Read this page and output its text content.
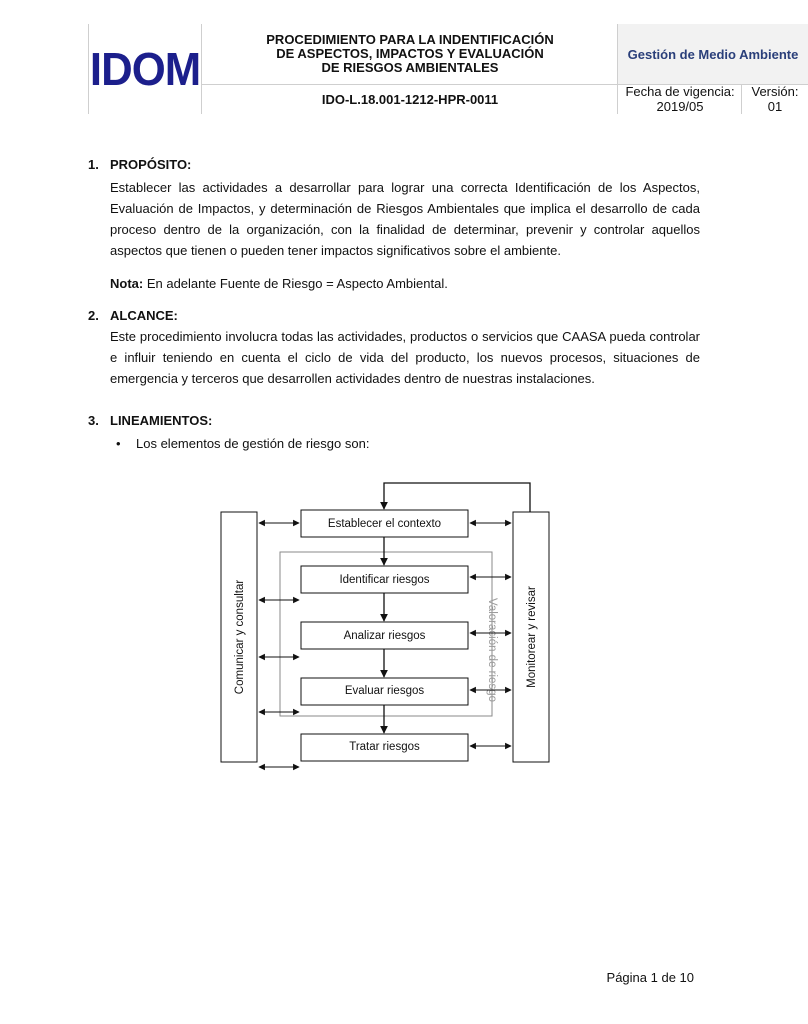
IDOM
PROCEDIMIENTO PARA LA INDENTIFICACIÓN
DE ASPECTOS, IMPACTOS Y EVALUACIÓN
DE RIESGOS AMBIENTALES
IDO-L.18.001-1212-HPR-0011
Gestión de Medio Ambiente
Fecha de vigencia:
2019/05
Versión:
01
1. PROPÓSITO:
Establecer las actividades a desarrollar para lograr una correcta Identificación de los Aspectos, Evaluación de Impactos, y determinación de Riesgos Ambientales que implica el desarrollo de cada proceso dentro de la organización, con la finalidad de determinar, prevenir y controlar aquellos aspectos que tienen o pueden tener impactos significativos sobre el ambiente.
Nota: En adelante Fuente de Riesgo = Aspecto Ambiental.
2. ALCANCE:
Este procedimiento involucra todas las actividades, productos o servicios que CAASA pueda controlar e influir teniendo en cuenta el ciclo de vida del producto, los nuevos procesos, situaciones de emergencia y terceros que desarrollen actividades dentro de nuestras instalaciones.
3. LINEAMIENTOS:
• Los elementos de gestión de riesgo son:
Valoración de riesgo
Comunicar y consultar	Monitorear y revisar
Establecer el contexto
Identificar riesgos
Analizar riesgos
Evaluar riesgos
Tratar riesgos
Página 1 de 10
